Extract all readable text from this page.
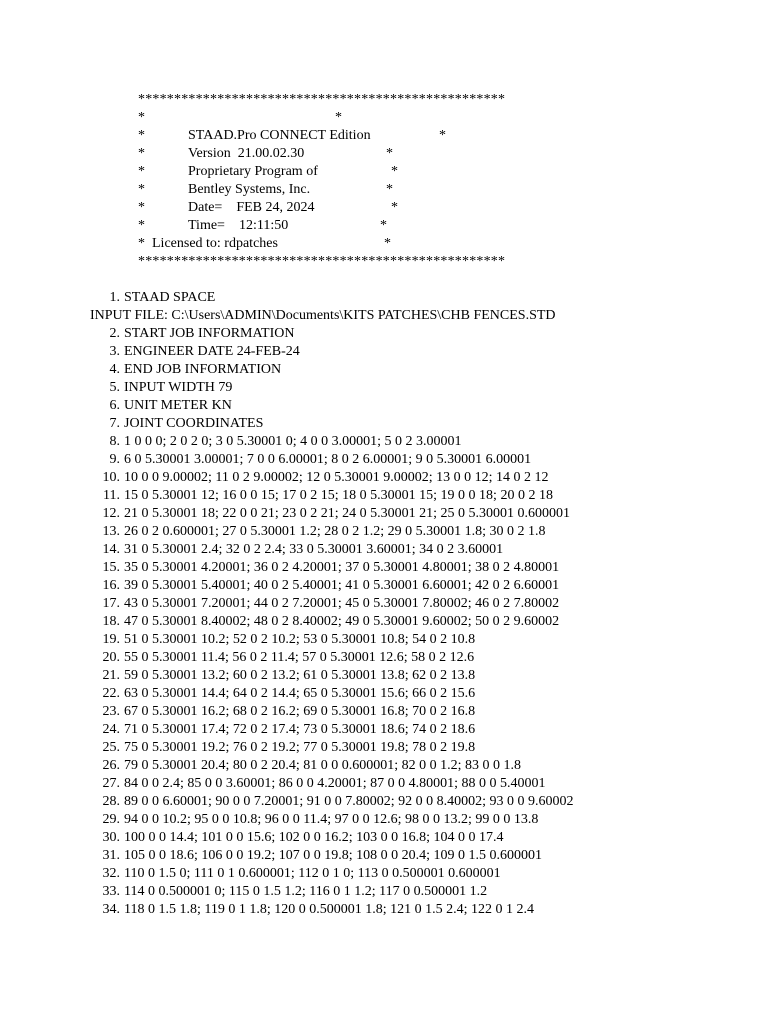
***************************************************
*	*
*	STAAD.Pro CONNECT Edition	*
*	Version  21.00.02.30	*
*	Proprietary Program of	*
*	Bentley Systems, Inc.	*
*	Date=    FEB 24, 2024	*
*	Time=    12:11:50	*
*  Licensed to: rdpatches	*
***************************************************
1. STAAD SPACE
INPUT FILE: C:\Users\ADMIN\Documents\KITS PATCHES\CHB FENCES.STD
2. START JOB INFORMATION
3. ENGINEER DATE 24-FEB-24
4. END JOB INFORMATION
5. INPUT WIDTH 79
6. UNIT METER KN
7. JOINT COORDINATES
8. 1 0 0 0; 2 0 2 0; 3 0 5.30001 0; 4 0 0 3.00001; 5 0 2 3.00001
9. 6 0 5.30001 3.00001; 7 0 0 6.00001; 8 0 2 6.00001; 9 0 5.30001 6.00001
10. 10 0 0 9.00002; 11 0 2 9.00002; 12 0 5.30001 9.00002; 13 0 0 12; 14 0 2 12
11. 15 0 5.30001 12; 16 0 0 15; 17 0 2 15; 18 0 5.30001 15; 19 0 0 18; 20 0 2 18
12. 21 0 5.30001 18; 22 0 0 21; 23 0 2 21; 24 0 5.30001 21; 25 0 5.30001 0.600001
13. 26 0 2 0.600001; 27 0 5.30001 1.2; 28 0 2 1.2; 29 0 5.30001 1.8; 30 0 2 1.8
14. 31 0 5.30001 2.4; 32 0 2 2.4; 33 0 5.30001 3.60001; 34 0 2 3.60001
15. 35 0 5.30001 4.20001; 36 0 2 4.20001; 37 0 5.30001 4.80001; 38 0 2 4.80001
16. 39 0 5.30001 5.40001; 40 0 2 5.40001; 41 0 5.30001 6.60001; 42 0 2 6.60001
17. 43 0 5.30001 7.20001; 44 0 2 7.20001; 45 0 5.30001 7.80002; 46 0 2 7.80002
18. 47 0 5.30001 8.40002; 48 0 2 8.40002; 49 0 5.30001 9.60002; 50 0 2 9.60002
19. 51 0 5.30001 10.2; 52 0 2 10.2; 53 0 5.30001 10.8; 54 0 2 10.8
20. 55 0 5.30001 11.4; 56 0 2 11.4; 57 0 5.30001 12.6; 58 0 2 12.6
21. 59 0 5.30001 13.2; 60 0 2 13.2; 61 0 5.30001 13.8; 62 0 2 13.8
22. 63 0 5.30001 14.4; 64 0 2 14.4; 65 0 5.30001 15.6; 66 0 2 15.6
23. 67 0 5.30001 16.2; 68 0 2 16.2; 69 0 5.30001 16.8; 70 0 2 16.8
24. 71 0 5.30001 17.4; 72 0 2 17.4; 73 0 5.30001 18.6; 74 0 2 18.6
25. 75 0 5.30001 19.2; 76 0 2 19.2; 77 0 5.30001 19.8; 78 0 2 19.8
26. 79 0 5.30001 20.4; 80 0 2 20.4; 81 0 0 0.600001; 82 0 0 1.2; 83 0 0 1.8
27. 84 0 0 2.4; 85 0 0 3.60001; 86 0 0 4.20001; 87 0 0 4.80001; 88 0 0 5.40001
28. 89 0 0 6.60001; 90 0 0 7.20001; 91 0 0 7.80002; 92 0 0 8.40002; 93 0 0 9.60002
29. 94 0 0 10.2; 95 0 0 10.8; 96 0 0 11.4; 97 0 0 12.6; 98 0 0 13.2; 99 0 0 13.8
30. 100 0 0 14.4; 101 0 0 15.6; 102 0 0 16.2; 103 0 0 16.8; 104 0 0 17.4
31. 105 0 0 18.6; 106 0 0 19.2; 107 0 0 19.8; 108 0 0 20.4; 109 0 1.5 0.600001
32. 110 0 1.5 0; 111 0 1 0.600001; 112 0 1 0; 113 0 0.500001 0.600001
33. 114 0 0.500001 0; 115 0 1.5 1.2; 116 0 1 1.2; 117 0 0.500001 1.2
34. 118 0 1.5 1.8; 119 0 1 1.8; 120 0 0.500001 1.8; 121 0 1.5 2.4; 122 0 1 2.4
